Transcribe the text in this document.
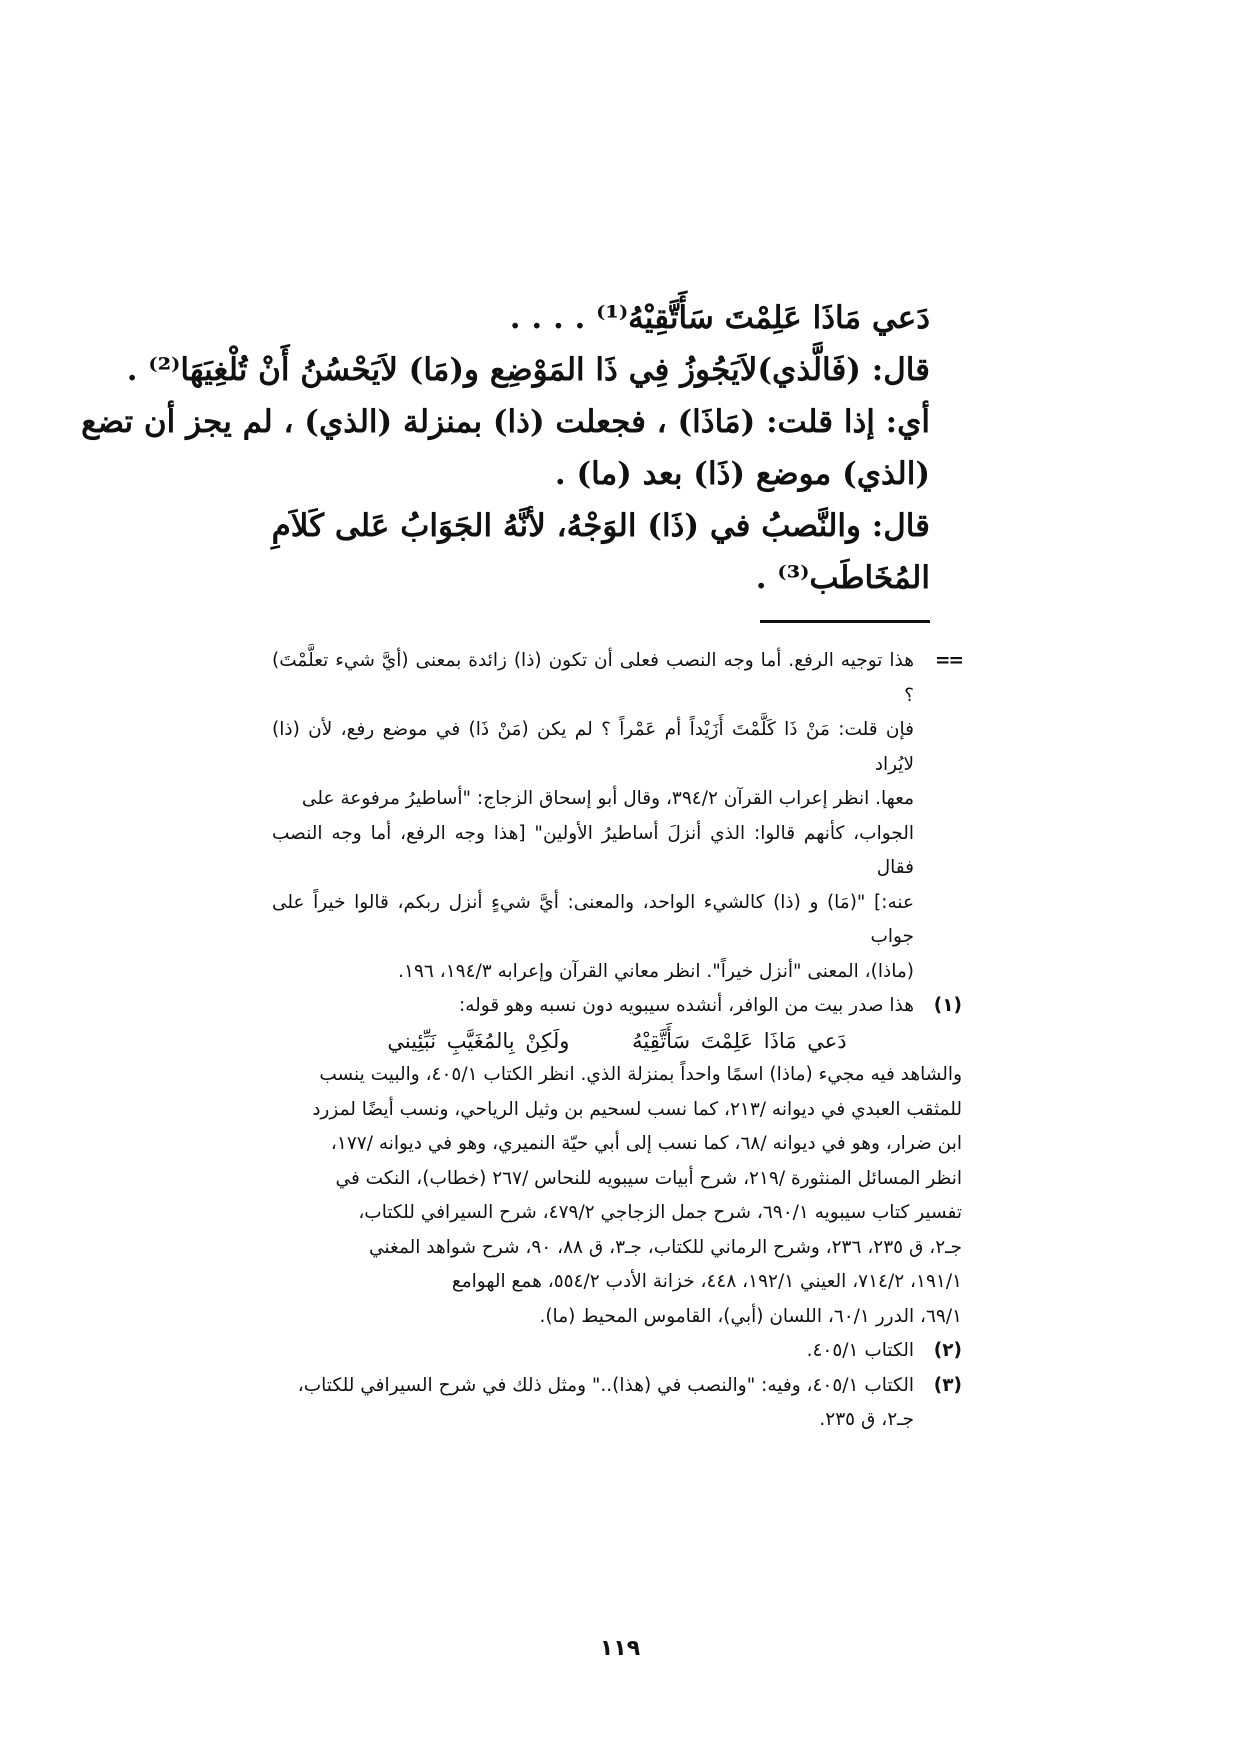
دَعي مَاذَا عَلِمْتَ سَأَتَّقِيْهُ⁽¹⁾ . . . .
قال: (فَالَّذي)لاَيَجُوزُ فِي ذَا المَوْضِع و(مَا) لاَيَحْسُنُ أَنْ تُلْغِيَهَا⁽²⁾ .
أي: إذا قلت: (مَاذَا) ، فجعلت (ذا) بمنزلة (الذي) ، لم يجز أن تضع
(الذي) موضع (ذَا) بعد (ما) .
قال: والنَّصبُ في (ذَا) الوَجْهُ، لأنَّهُ الجَوَابُ عَلى كَلاَمِ
المُخَاطَب⁽³⁾ .
==
هذا توجيه الرفع. أما وجه النصب فعلى أن تكون (ذا) زائدة بمعنى (أيَّ شيء تعلَّمْتَ) ؟
فإن قلت: مَنْ ذَا كَلَّمْتَ أَزَيْداً أم عَمْراً ؟ لم يكن (مَنْ ذَا) في موضع رفع، لأن (ذا) لايُراد
معها. انظر إعراب القرآن ٣٩٤/٢، وقال أبو إسحاق الزجاج: "أساطيرُ مرفوعة على
الجواب، كأنهم قالوا: الذي أنزلَ أساطيرُ الأولين" [هذا وجه الرفع، أما وجه النصب فقال
عنه:] "(مَا) و (ذا) كالشيء الواحد، والمعنى: أيَّ شيءٍ أنزل ربكم، قالوا خيراً على جواب
(ماذا)، المعنى "أنزل خيراً". انظر معاني القرآن وإعرابه ١٩٤/٣، ١٩٦.
(١)
هذا صدر بيت من الوافر، أنشده سيبويه دون نسبه وهو قوله:
دَعي مَاذَا عَلِمْتَ سَأَتَّقِيْهُ ولَكِنْ بِالمُغَيَّبِ نَبِّئِيني
والشاهد فيه مجيء (ماذا) اسمًا واحداً بمنزلة الذي. انظر الكتاب ٤٠٥/١، والبيت ينسب
للمثقب العبدي في ديوانه /٢١٣، كما نسب لسحيم بن وثيل الرياحي، ونسب أيضًا لمزرد
ابن ضرار، وهو في ديوانه /٦٨، كما نسب إلى أبي حيّة النميري، وهو في ديوانه /١٧٧،
انظر المسائل المنثورة /٢١٩، شرح أبيات سيبويه للنحاس /٢٦٧ (خطاب)، النكت في
تفسير كتاب سيبويه ٦٩٠/١، شرح جمل الزجاجي ٤٧٩/٢، شرح السيرافي للكتاب،
جـ٢، ق ٢٣٥، ٢٣٦، وشرح الرماني للكتاب، جـ٣، ق ٨٨، ٩٠، شرح شواهد المغني
١٩١/١، ٧١٤/٢، العيني ١٩٢/١، ٤٤٨، خزانة الأدب ٥٥٤/٢، همع الهوامع
٦٩/١، الدرر ٦٠/١، اللسان (أبي)، القاموس المحيط (ما).
(٢)
الكتاب ٤٠٥/١.
(٣)
الكتاب ٤٠٥/١، وفيه: "والنصب في (هذا).." ومثل ذلك في شرح السيرافي للكتاب،
جـ٢، ق ٢٣٥.
١١٩
